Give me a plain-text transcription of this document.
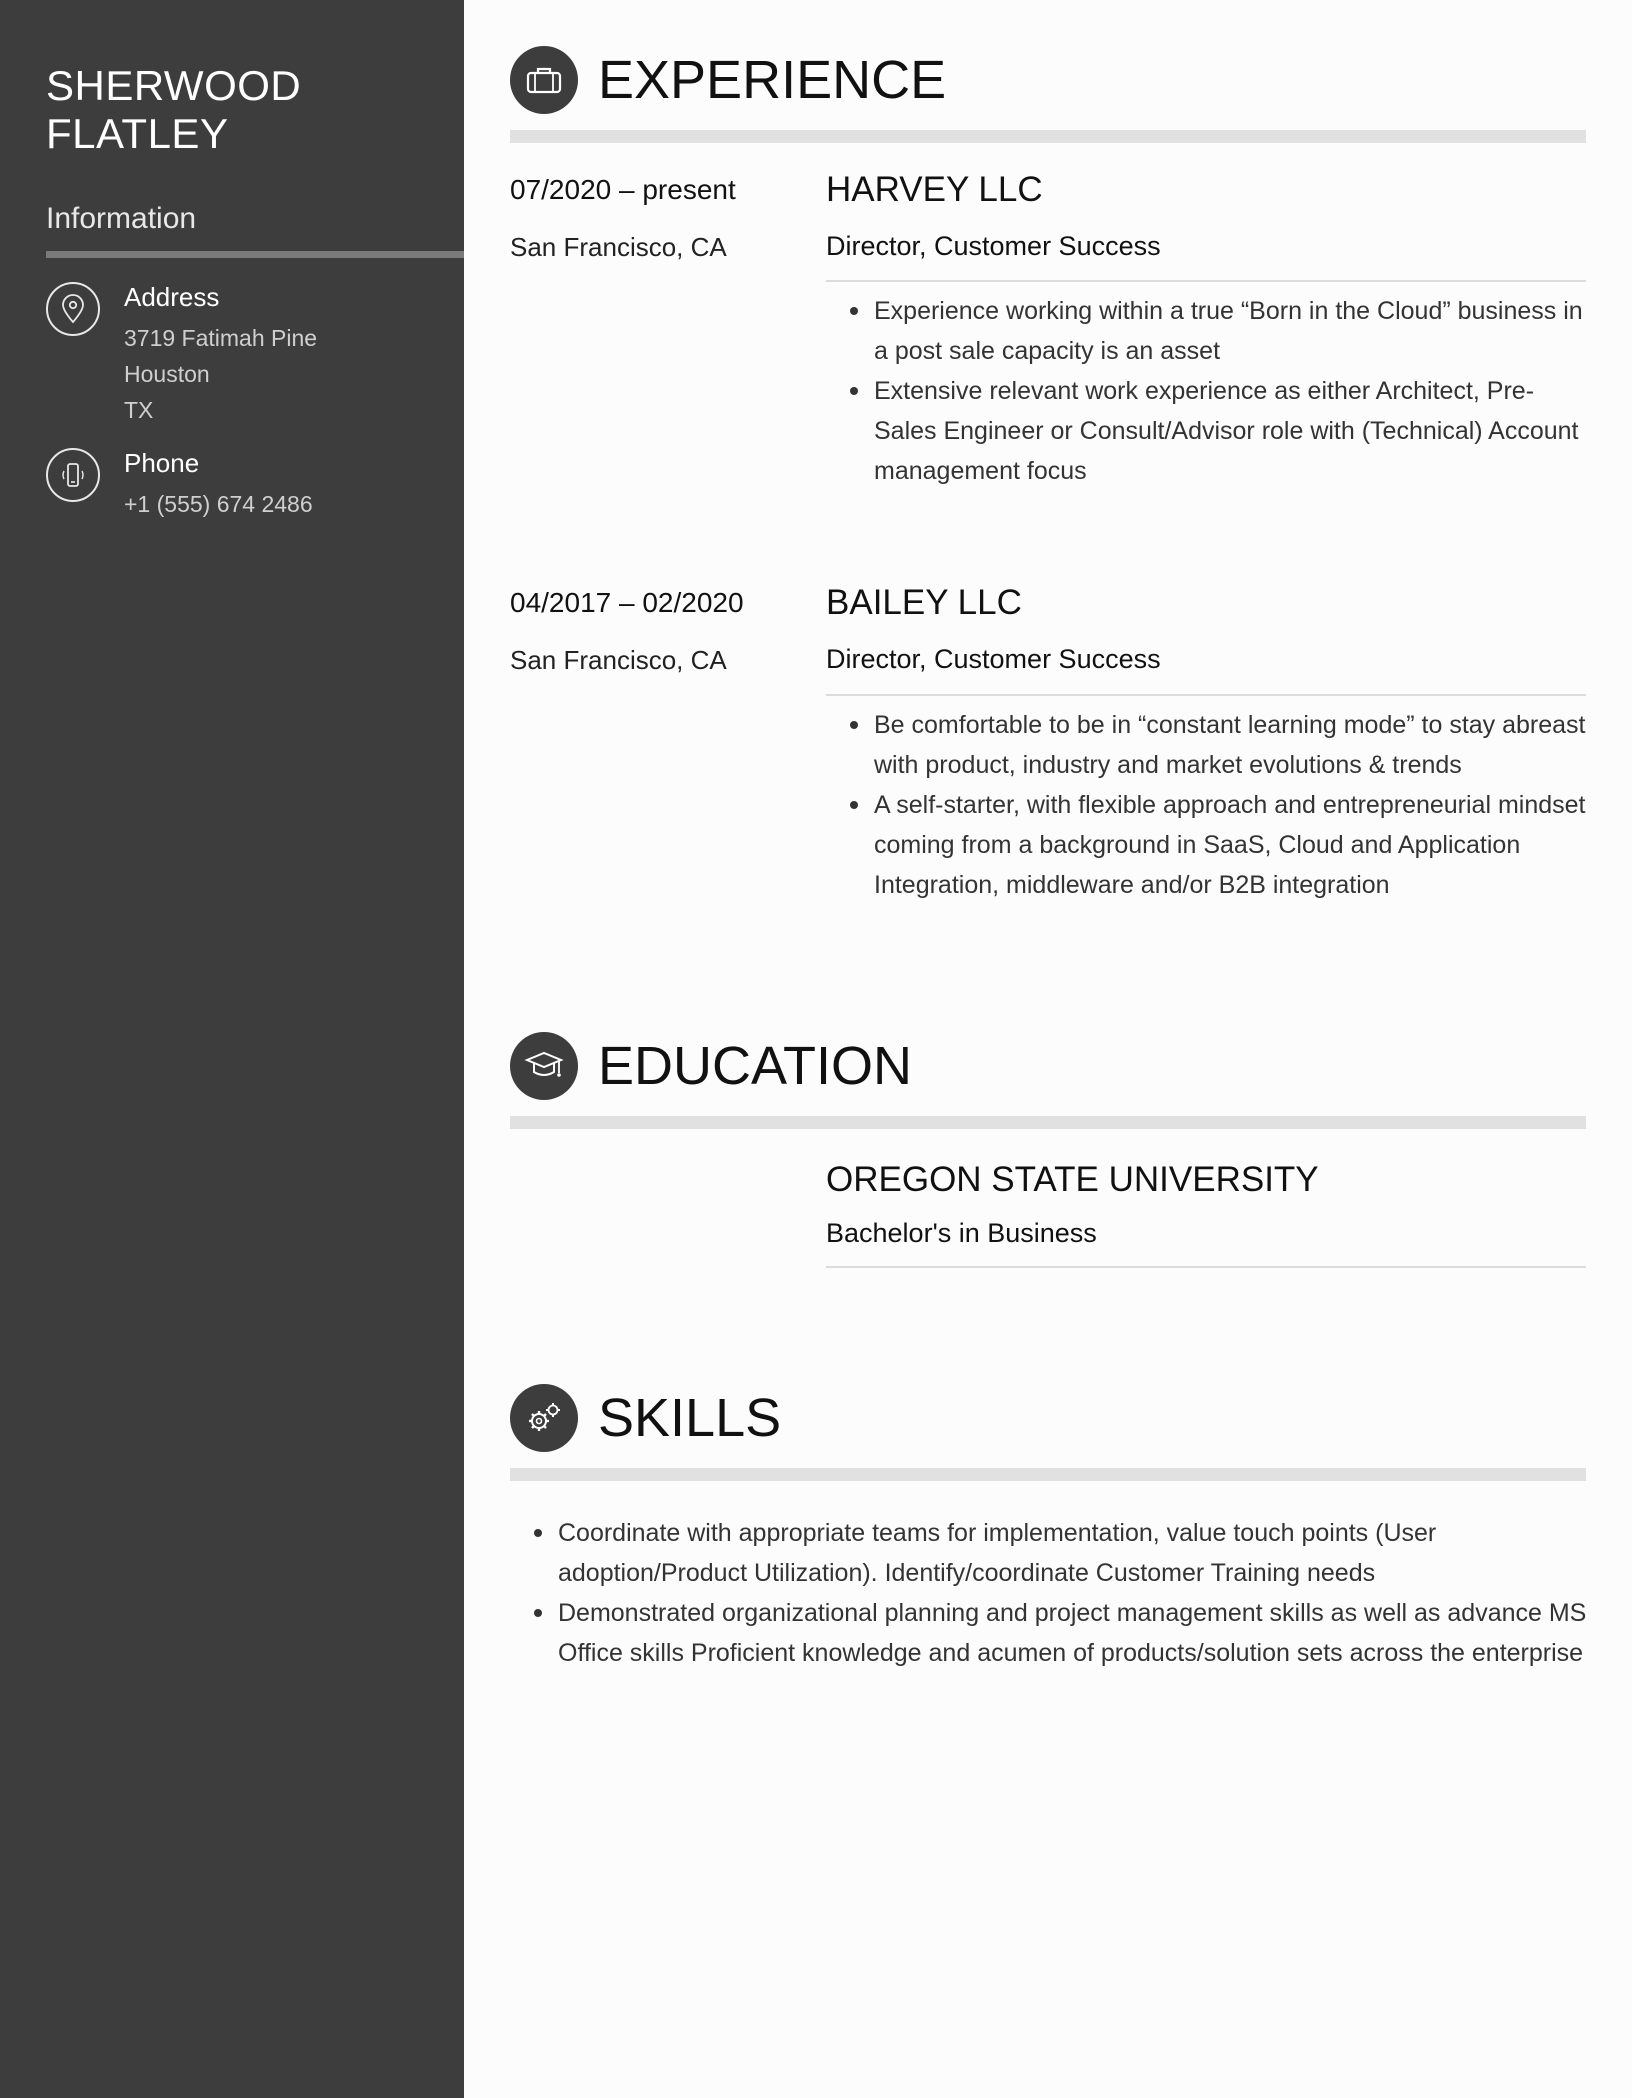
SHERWOOD
FLATLEY
Information
Address
3719 Fatimah Pine
Houston
TX
Phone
+1 (555) 674 2486
EXPERIENCE
07/2020 – present
San Francisco, CA
HARVEY LLC
Director, Customer Success
Experience working within a true “Born in the Cloud” business in a post sale capacity is an asset
Extensive relevant work experience as either Architect, Pre-Sales Engineer or Consult/Advisor role with (Technical) Account management focus
04/2017 – 02/2020
San Francisco, CA
BAILEY LLC
Director, Customer Success
Be comfortable to be in “constant learning mode” to stay abreast with product, industry and market evolutions & trends
A self-starter, with flexible approach and entrepreneurial mindset coming from a background in SaaS, Cloud and Application Integration, middleware and/or B2B integration
EDUCATION
OREGON STATE UNIVERSITY
Bachelor's in Business
SKILLS
Coordinate with appropriate teams for implementation, value touch points (User adoption/Product Utilization). Identify/coordinate Customer Training needs
Demonstrated organizational planning and project management skills as well as advance MS Office skills Proficient knowledge and acumen of products/solution sets across the enterprise
